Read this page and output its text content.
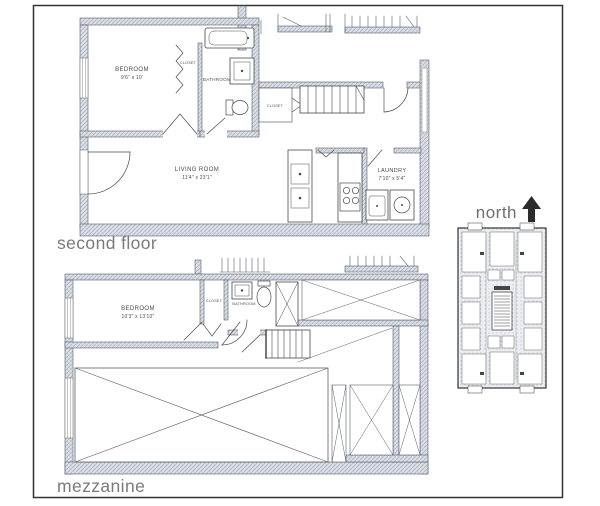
BEDROOM
9'6" x 10'
CLOSET
BATHROOM
CLOSET
LIVING ROOM
11'4" x 23'1"
LAUNDRY
7'10" x 5'4"
second floor
BEDROOM
10'3" x 13'10"
CLOSET
BATHROOM
mezzanine
north
